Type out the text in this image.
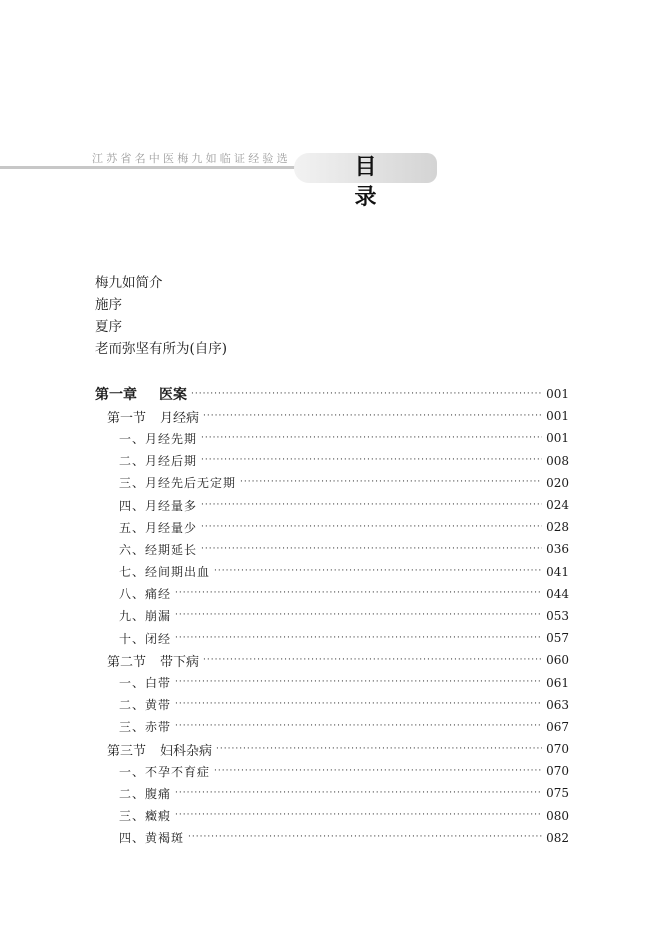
江苏省名中医梅九如临证经验选	目　录
梅九如简介
施序
夏序
老而弥坚有所为(自序)
第一章 医案 ·····	001
第一节 月经病 ·····	001
一、月经先期 ·····	001
二、月经后期 ·····	008
三、月经先后无定期 ·····	020
四、月经量多 ·····	024
五、月经量少 ·····	028
六、经期延长 ·····	036
七、经间期出血 ·····	041
八、痛经 ·····	044
九、崩漏 ·····	053
十、闭经 ·····	057
第二节 带下病 ·····	060
一、白带 ·····	061
二、黄带 ·····	063
三、赤带 ·····	067
第三节 妇科杂病 ·····	070
一、不孕不育症 ·····	070
二、腹痛 ·····	075
三、癥瘕 ·····	080
四、黄褐斑 ·····	082
